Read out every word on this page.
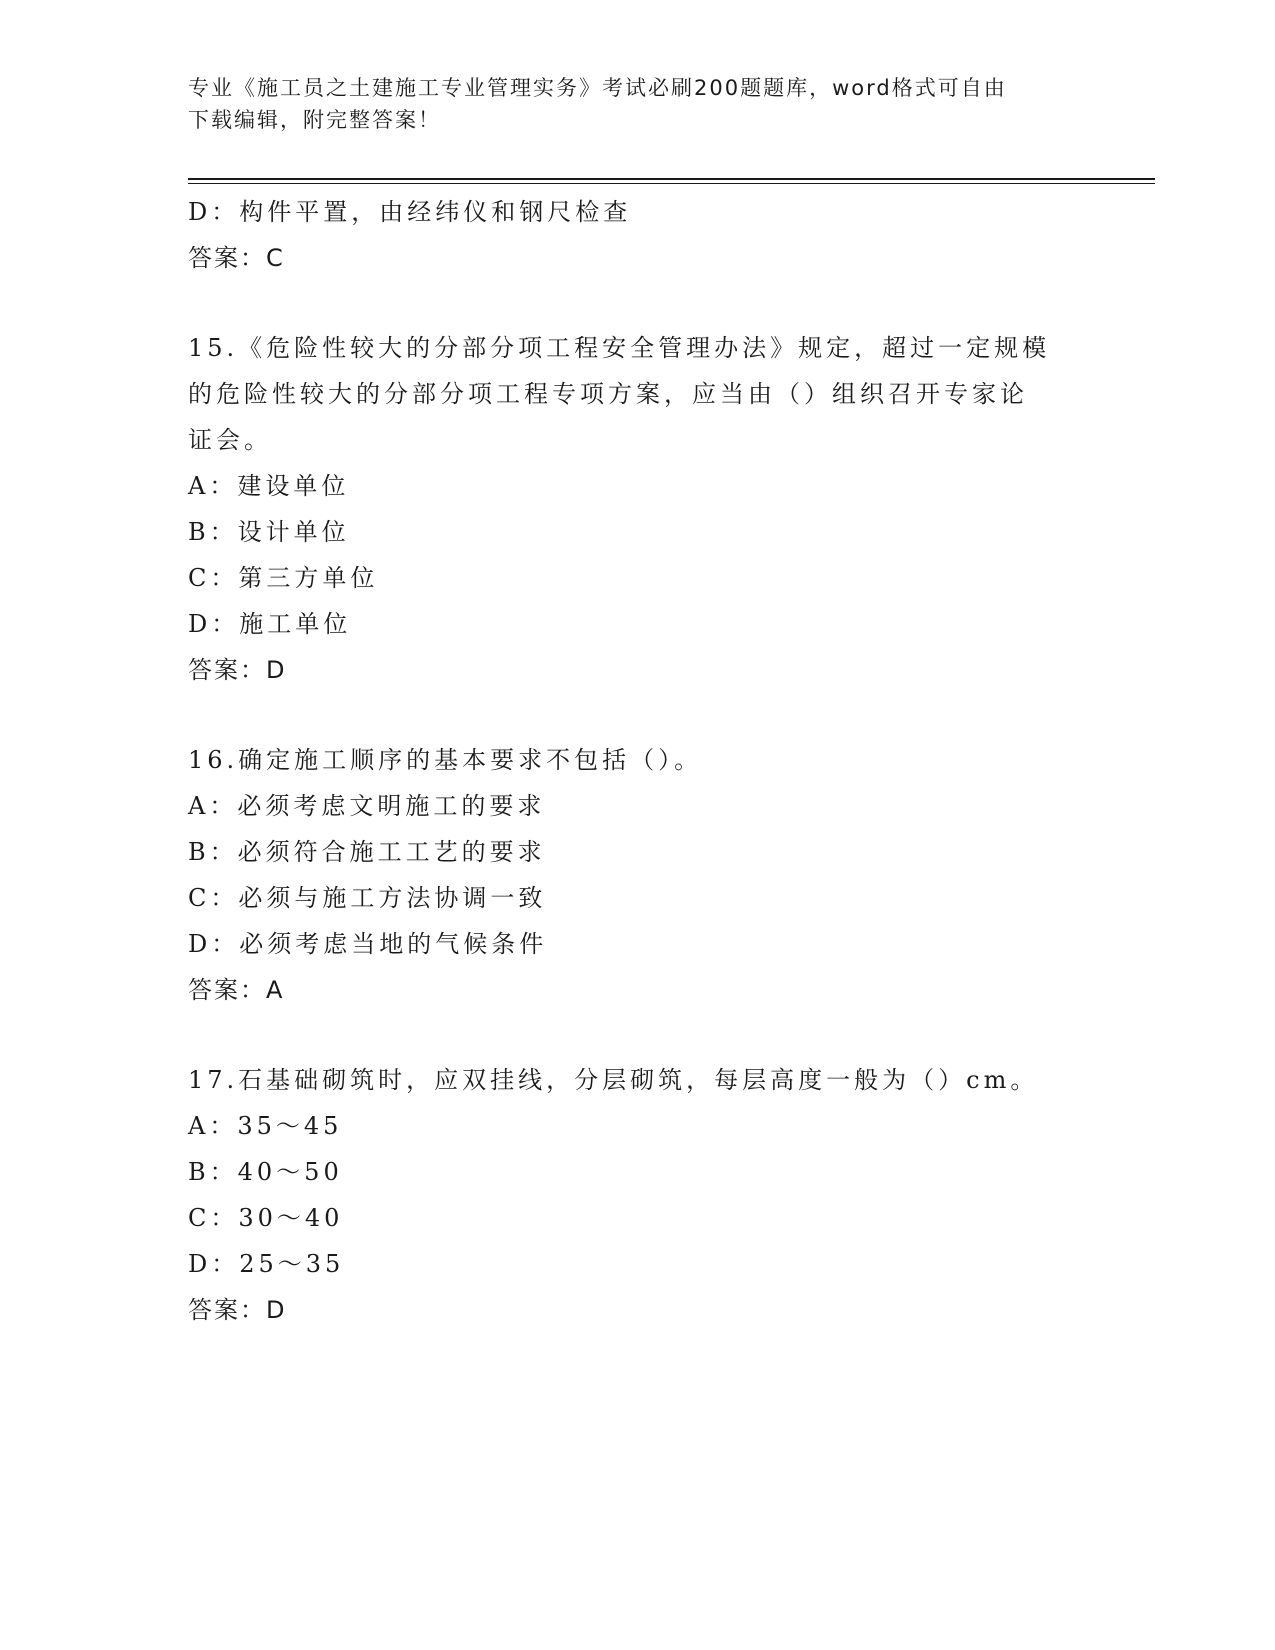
专业《施工员之土建施工专业管理实务》考试必刷200题题库，word格式可自由
下载编辑，附完整答案！
D：构件平置，由经纬仪和钢尺检查
答案：C
15.《危险性较大的分部分项工程安全管理办法》规定，超过一定规模
的危险性较大的分部分项工程专项方案，应当由（）组织召开专家论
证会。
A：建设单位
B：设计单位
C：第三方单位
D：施工单位
答案：D
16.确定施工顺序的基本要求不包括（）。
A：必须考虑文明施工的要求
B：必须符合施工工艺的要求
C：必须与施工方法协调一致
D：必须考虑当地的气候条件
答案：A
17.石基础砌筑时，应双挂线，分层砌筑，每层高度一般为（）cm。
A：35～45
B：40～50
C：30～40
D：25～35
答案：D
